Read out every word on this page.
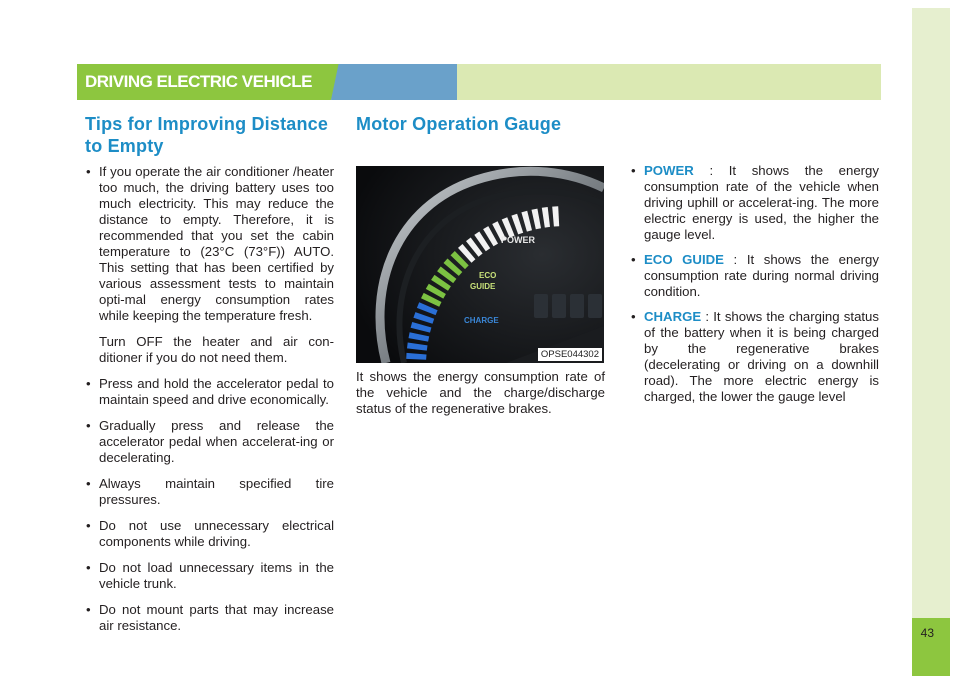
43
DRIVING ELECTRIC VEHICLE
Tips for Improving Distance
to Empty
Motor Operation Gauge
• If you operate the air conditioner /heater too much, the driving battery uses too much electricity. This may reduce the distance to empty. Therefore, it is recommended that you set the cabin temperature to (23°C (73°F)) AUTO. This setting that has been certified by various assessment tests to maintain opti-mal energy consumption rates while keeping the temperature fresh.
Turn OFF the heater and air con-ditioner if you do not need them.
• Press and hold the accelerator pedal to maintain speed and drive economically.
• Gradually press and release the accelerator pedal when accelerat-ing or decelerating.
• Always maintain specified tire pressures.
• Do not use unnecessary electrical components while driving.
• Do not load unnecessary items in the vehicle trunk.
• Do not mount parts that may increase air resistance.
POWER
ECO
GUIDE
CHARGE
OPSE044302
It shows the energy consumption rate of the vehicle and the charge/discharge status of the regenerative brakes.
• POWER : It shows the energy consumption rate of the vehicle when driving uphill or accelerat-ing. The more electric energy is used, the higher the gauge level.
• ECO GUIDE : It shows the energy consumption rate during normal driving condition.
• CHARGE : It shows the charging status of the battery when it is being charged by the regenerative brakes (decelerating or driving on a downhill road). The more electric energy is charged, the lower the gauge level
